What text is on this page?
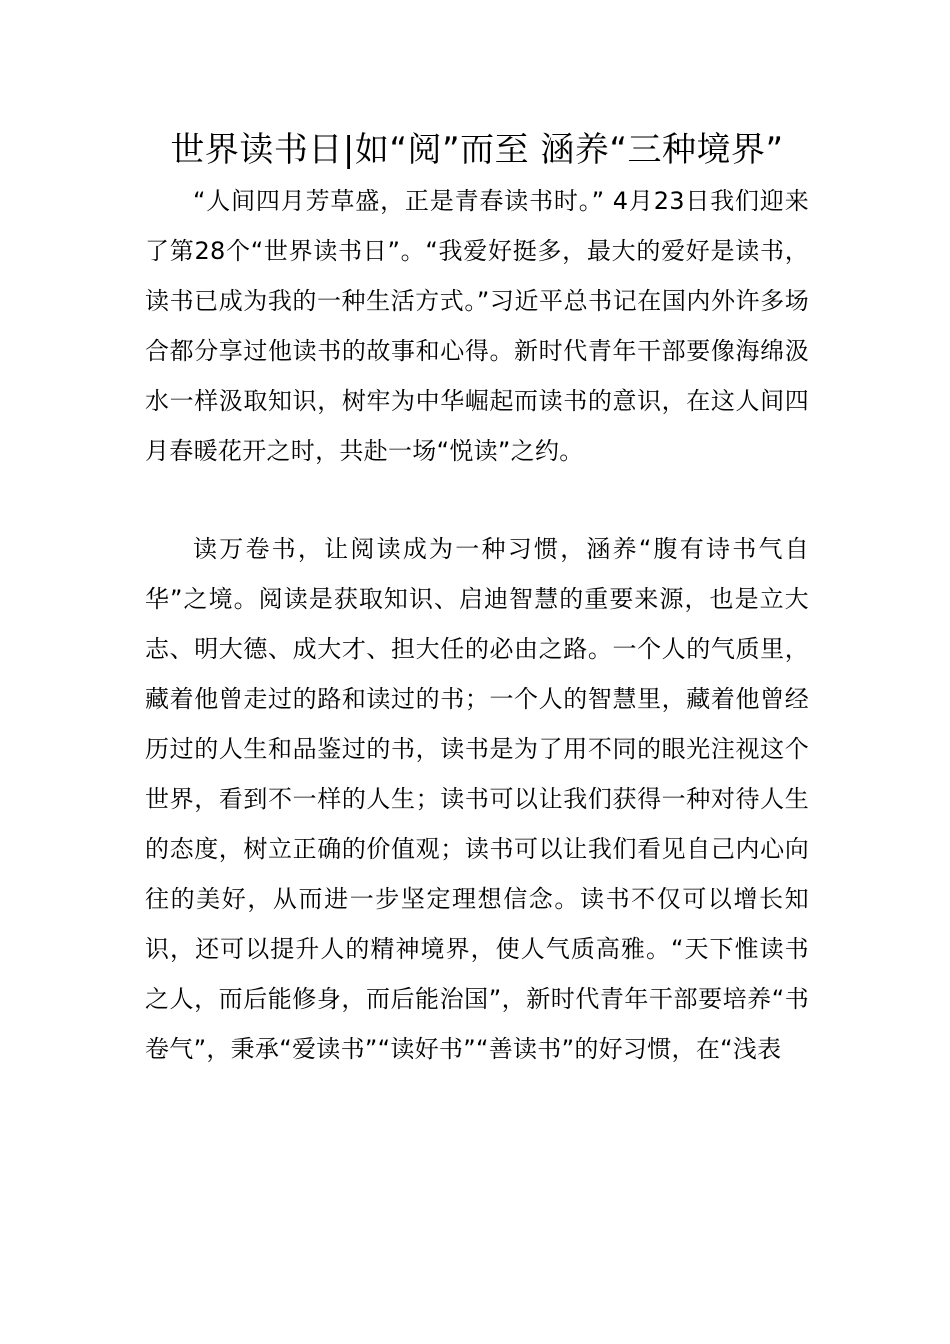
世界读书日|如“阅”而至 涵养“三种境界”

“人间四月芳草盛，正是青春读书时。” 4月23日我们迎来了第28个“世界读书日”。“我爱好挺多，最大的爱好是读书，读书已成为我的一种生活方式。”习近平总书记在国内外许多场合都分享过他读书的故事和心得。新时代青年干部要像海绵汲水一样汲取知识，树牢为中华崛起而读书的意识，在这人间四月春暖花开之时，共赴一场“悦读”之约。

读万卷书，让阅读成为一种习惯，涵养“腹有诗书气自华”之境。阅读是获取知识、启迪智慧的重要来源，也是立大志、明大德、成大才、担大任的必由之路。一个人的气质里，藏着他曾走过的路和读过的书；一个人的智慧里，藏着他曾经历过的人生和品鉴过的书，读书是为了用不同的眼光注视这个世界，看到不一样的人生；读书可以让我们获得一种对待人生的态度，树立正确的价值观；读书可以让我们看见自己内心向往的美好，从而进一步坚定理想信念。读书不仅可以增长知识，还可以提升人的精神境界，使人气质高雅。“天下惟读书之人，而后能修身，而后能治国”，新时代青年干部要培养“书卷气”，秉承“爱读书”“读好书”“善读书”的好习惯，在“浅表
